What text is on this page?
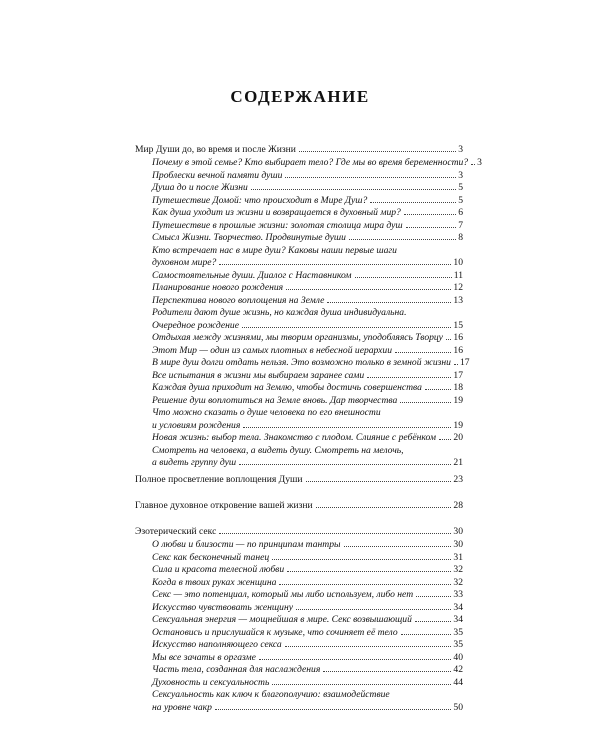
СОДЕРЖАНИЕ
Мир Души до, во время и после Жизни	3
Почему в этой семье? Кто выбирает тело? Где мы во время беременности? 3
Проблески вечной памяти души	3
Душа до и после Жизни	5
Путешествие Домой: что происходит в Мире Душ?	5
Как душа уходит из жизни и возвращается в духовный мир?	6
Путешествие в прошлые жизни: золотая столица мира душ	7
Смысл Жизни. Творчество. Продвинутые души	8
Кто встречает нас в мире душ? Каковы наши первые шаги
духовном мире?	10
Самостоятельные души. Диалог с Наставником	11
Планирование нового рождения	12
Перспектива нового воплощения на Земле	13
Родители дают душе жизнь, но каждая душа индивидуальна.
Очередное рождение	15
Отдыхая между жизнями, мы творим организмы, уподобляясь Творцу 16
Этот Мир — один из самых плотных в небесной иерархии	16
В мире душ долги отдать нельзя. Это возможно только в земной жизни 17
Все испытания в жизни мы выбираем заранее сами	17
Каждая душа приходит на Землю, чтобы достичь совершенства	18
Решение душ воплотиться на Земле вновь. Дар творчества	19
Что можно сказать о душе человека по его внешности
и условиям рождения	19
Новая жизнь: выбор тела. Знакомство с плодом. Слияние с ребёнком 20
Смотреть на человека, а видеть душу. Смотреть на мелочь,
а видеть группу душ	21
Полное просветление воплощения Души	23
Главное духовное откровение вашей жизни	28
Эзотерический секс	30
О любви и близости — по принципам тантры	30
Секс как бесконечный танец	31
Сила и красота телесной любви	32
Когда в твоих руках женщина	32
Секс — это потенциал, который мы либо используем, либо нет	33
Искусство чувствовать женщину	34
Сексуальная энергия — мощнейшая в мире. Секс возвышающий	34
Остановись и прислушайся к музыке, что сочиняет её тело	35
Искусство наполняющего секса	35
Мы все зачаты в оргазме	40
Часть тела, созданная для наслаждения	42
Духовность и сексуальность	44
Сексуальность как ключ к благополучию: взаимодействие
на уровне чакр	50
